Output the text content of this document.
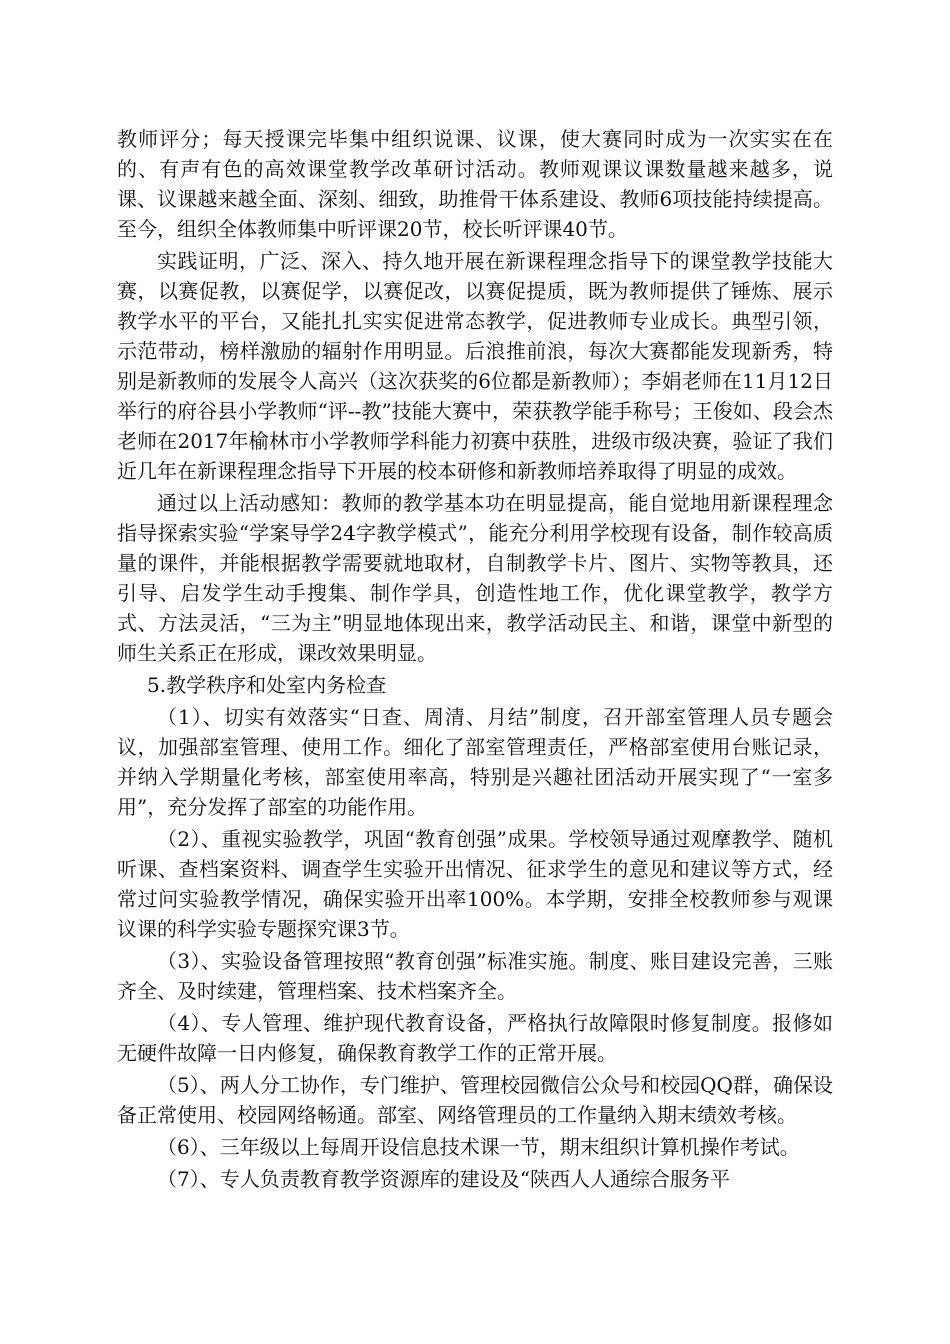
教师评分；每天授课完毕集中组织说课、议课，使大赛同时成为一次实实在在的、有声有色的高效课堂教学改革研讨活动。教师观课议课数量越来越多，说课、议课越来越全面、深刻、细致，助推骨干体系建设、教师6项技能持续提高。至今，组织全体教师集中听评课20节，校长听评课40节。

实践证明，广泛、深入、持久地开展在新课程理念指导下的课堂教学技能大赛，以赛促教，以赛促学，以赛促改，以赛促提质，既为教师提供了锤炼、展示教学水平的平台，又能扎扎实实促进常态教学，促进教师专业成长。典型引领，示范带动，榜样激励的辐射作用明显。后浪推前浪，每次大赛都能发现新秀，特别是新教师的发展令人高兴（这次获奖的6位都是新教师）；李娟老师在11月12日举行的府谷县小学教师“评--教”技能大赛中，荣获教学能手称号；王俊如、段会杰老师在2017年榆林市小学教师学科能力初赛中获胜，进级市级决赛，验证了我们近几年在新课程理念指导下开展的校本研修和新教师培养取得了明显的成效。

通过以上活动感知：教师的教学基本功在明显提高，能自觉地用新课程理念指导探索实验“学案导学24字教学模式”，能充分利用学校现有设备，制作较高质量的课件，并能根据教学需要就地取材，自制教学卡片、图片、实物等教具，还引导、启发学生动手搜集、制作学具，创造性地工作，优化课堂教学，教学方式、方法灵活，“三为主”明显地体现出来，教学活动民主、和谐，课堂中新型的师生关系正在形成，课改效果明显。

5.教学秩序和处室内务检查

（1）、切实有效落实“日查、周清、月结”制度，召开部室管理人员专题会议，加强部室管理、使用工作。细化了部室管理责任，严格部室使用台账记录，并纳入学期量化考核，部室使用率高，特别是兴趣社团活动开展实现了“一室多用”，充分发挥了部室的功能作用。

（2）、重视实验教学，巩固“教育创强”成果。学校领导通过观摩教学、随机听课、查档案资料、调查学生实验开出情况、征求学生的意见和建议等方式，经常过问实验教学情况，确保实验开出率100%。本学期，安排全校教师参与观课议课的科学实验专题探究课3节。

（3）、实验设备管理按照“教育创强”标准实施。制度、账目建设完善，三账齐全、及时续建，管理档案、技术档案齐全。

（4）、专人管理、维护现代教育设备，严格执行故障限时修复制度。报修如无硬件故障一日内修复，确保教育教学工作的正常开展。

（5）、两人分工协作，专门维护、管理校园微信公众号和校园QQ群，确保设备正常使用、校园网络畅通。部室、网络管理员的工作量纳入期末绩效考核。

（6）、三年级以上每周开设信息技术课一节，期末组织计算机操作考试。

（7）、专人负责教育教学资源库的建设及“陕西人人通综合服务平
